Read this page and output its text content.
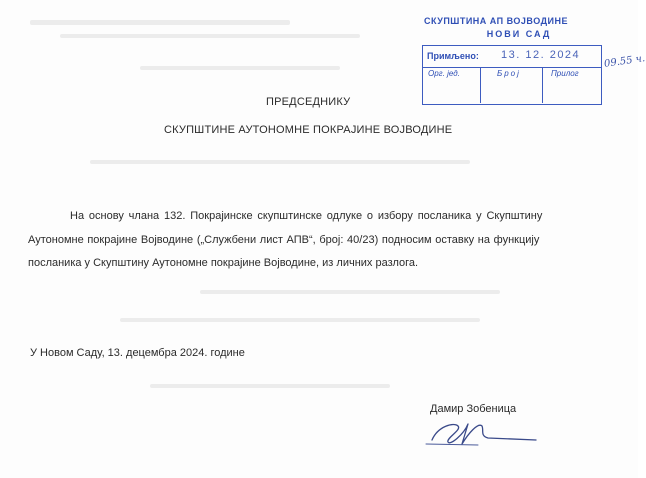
СКУПШТИНА АП ВОЈВОДИНЕ
НОВИ САД
Примљено: 13. 12. 2024
Орг. јед.	Број	Прилог
09.55 ч.
ПРЕДСЕДНИКУ
СКУПШТИНЕ АУТОНОМНЕ ПОКРАЈИНЕ ВОЈВОДИНЕ
На основу члана 132. Покрајинске скупштинске одлуке о избору посланика у Скупштину
Аутономне покрајине Војводине („Службени лист АПВ“, број: 40/23) подносим оставку на функцију
посланика у Скупштину Аутономне покрајине Војводине, из личних разлога.
У Новом Саду, 13. децембра 2024. године
Дамир Зобеница
